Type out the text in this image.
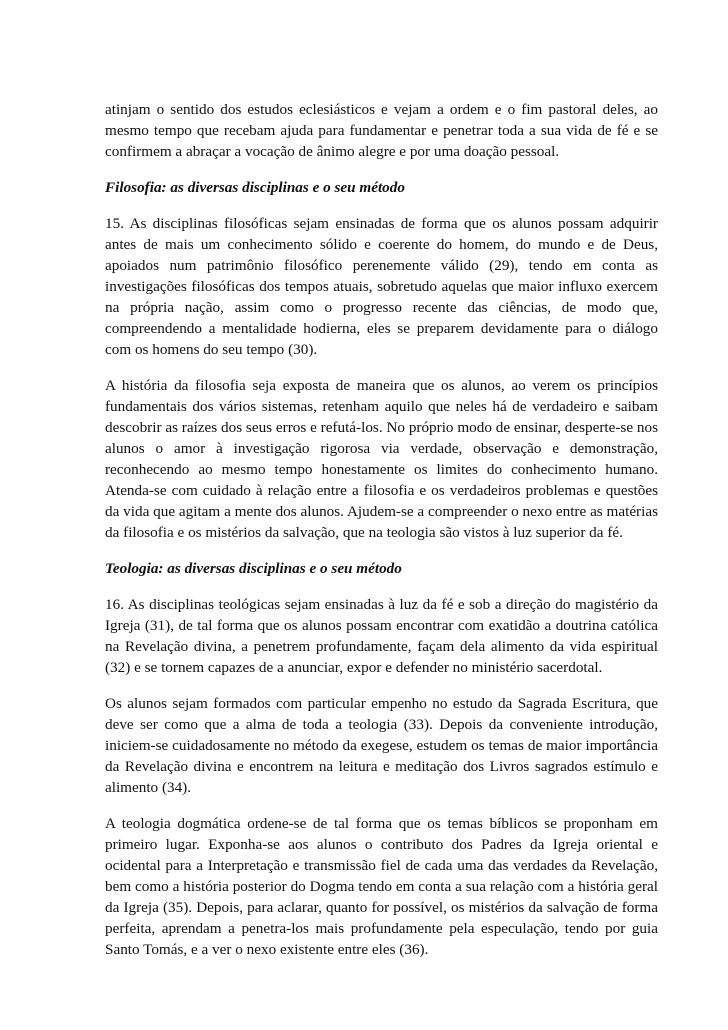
atinjam o sentido dos estudos eclesiásticos e vejam a ordem e o fim pastoral deles, ao mesmo tempo que recebam ajuda para fundamentar e penetrar toda a sua vida de fé e se confirmem a abraçar a vocação de ânimo alegre e por uma doação pessoal.

Filosofia: as diversas disciplinas e o seu método

15. As disciplinas filosóficas sejam ensinadas de forma que os alunos possam adquirir antes de mais um conhecimento sólido e coerente do homem, do mundo e de Deus, apoiados num patrimônio filosófico perenemente válido (29), tendo em conta as investigações filosóficas dos tempos atuais, sobretudo aquelas que maior influxo exercem na própria nação, assim como o progresso recente das ciências, de modo que, compreendendo a mentalidade hodierna, eles se preparem devidamente para o diálogo com os homens do seu tempo (30).

A história da filosofia seja exposta de maneira que os alunos, ao verem os princípios fundamentais dos vários sistemas, retenham aquilo que neles há de verdadeiro e saibam descobrir as raízes dos seus erros e refutá-los. No próprio modo de ensinar, desperte-se nos alunos o amor à investigação rigorosa via verdade, observação e demonstração, reconhecendo ao mesmo tempo honestamente os limites do conhecimento humano. Atenda-se com cuidado à relação entre a filosofia e os verdadeiros problemas e questões da vida que agitam a mente dos alunos. Ajudem-se a compreender o nexo entre as matérias da filosofia e os mistérios da salvação, que na teologia são vistos à luz superior da fé.

Teologia: as diversas disciplinas e o seu método

16. As disciplinas teológicas sejam ensinadas à luz da fé e sob a direção do magistério da Igreja (31), de tal forma que os alunos possam encontrar com exatidão a doutrina católica na Revelação divina, a penetrem profundamente, façam dela alimento da vida espiritual (32) e se tornem capazes de a anunciar, expor e defender no ministério sacerdotal.

Os alunos sejam formados com particular empenho no estudo da Sagrada Escritura, que deve ser como que a alma de toda a teologia (33). Depois da conveniente introdução, iniciem-se cuidadosamente no método da exegese, estudem os temas de maior importância da Revelação divina e encontrem na leitura e meditação dos Livros sagrados estímulo e alimento (34).

A teologia dogmática ordene-se de tal forma que os temas bíblicos se proponham em primeiro lugar. Exponha-se aos alunos o contributo dos Padres da Igreja oriental e ocidental para a Interpretação e transmissão fiel de cada uma das verdades da Revelação, bem como a história posterior do Dogma tendo em conta a sua relação com a história geral da Igreja (35). Depois, para aclarar, quanto for possível, os mistérios da salvação de forma perfeita, aprendam a penetra-los mais profundamente pela especulação, tendo por guia Santo Tomás, e a ver o nexo existente entre eles (36).
